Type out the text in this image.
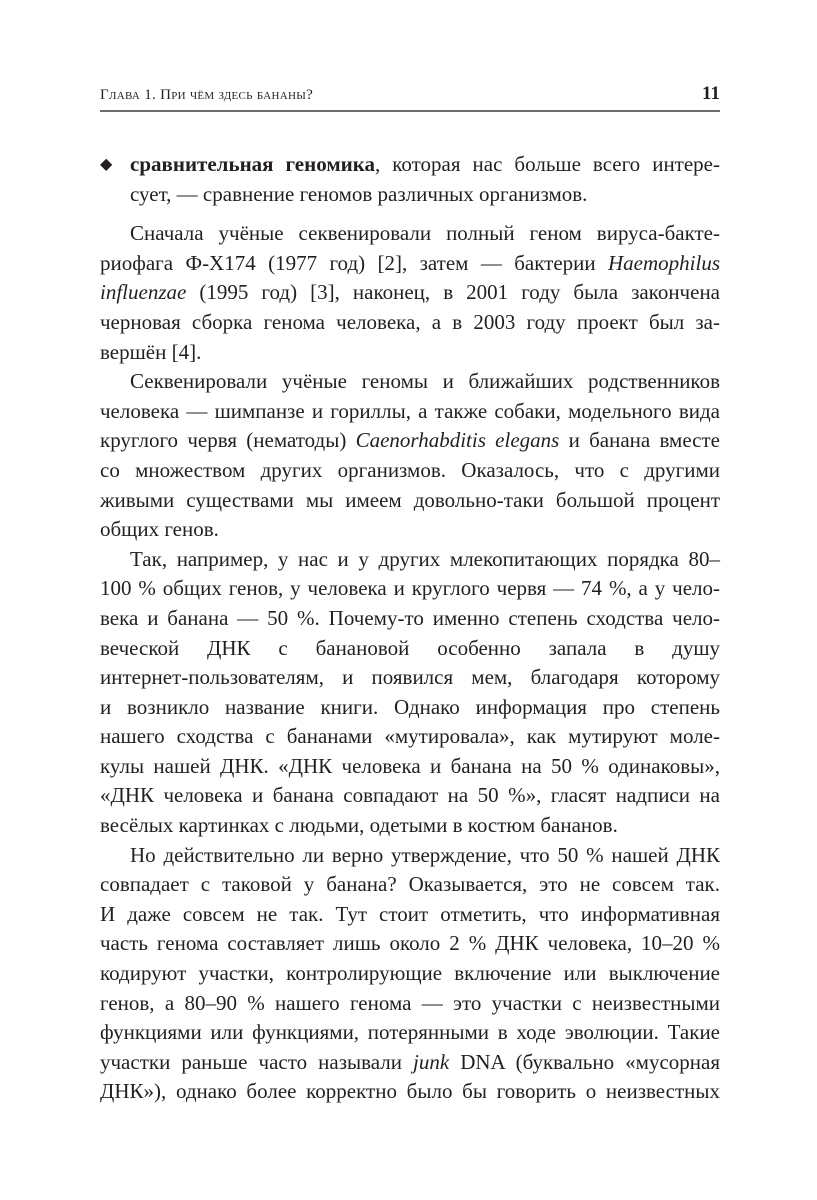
Глава 1. При чём здесь бананы?	11
◆ сравнительная геномика, которая нас больше всего интере-
сует, — сравнение геномов различных организмов.
Сначала учёные секвенировали полный геном вируса-бакте-
риофага Ф-X174 (1977 год) [2], затем — бактерии Haemophilus
influenzae (1995 год) [3], наконец, в 2001 году была закончена
черновая сборка генома человека, а в 2003 году проект был за-
вершён [4].
Секвенировали учёные геномы и ближайших родственников
человека — шимпанзе и гориллы, а также собаки, модельного вида
круглого червя (нематоды) Caenorhabditis elegans и банана вместе
со множеством других организмов. Оказалось, что с другими
живыми существами мы имеем довольно-таки большой процент
общих генов.
Так, например, у нас и у других млекопитающих порядка 80–
100 % общих генов, у человека и круглого червя — 74 %, а у чело-
века и банана — 50 %. Почему-то именно степень сходства чело-
веческой ДНК с банановой особенно запала в душу
интернет-пользователям, и появился мем, благодаря которому
и возникло название книги. Однако информация про степень
нашего сходства с бананами «мутировала», как мутируют моле-
кулы нашей ДНК. «ДНК человека и банана на 50 % одинаковы»,
«ДНК человека и банана совпадают на 50 %», гласят надписи на
весёлых картинках с людьми, одетыми в костюм бананов.
Но действительно ли верно утверждение, что 50 % нашей ДНК
совпадает с таковой у банана? Оказывается, это не совсем так.
И даже совсем не так. Тут стоит отметить, что информативная
часть генома составляет лишь около 2 % ДНК человека, 10–20 %
кодируют участки, контролирующие включение или выключение
генов, а 80–90 % нашего генома — это участки с неизвестными
функциями или функциями, потерянными в ходе эволюции. Такие
участки раньше часто называли junk DNA (буквально «мусорная
ДНК»), однако более корректно было бы говорить о неизвестных
